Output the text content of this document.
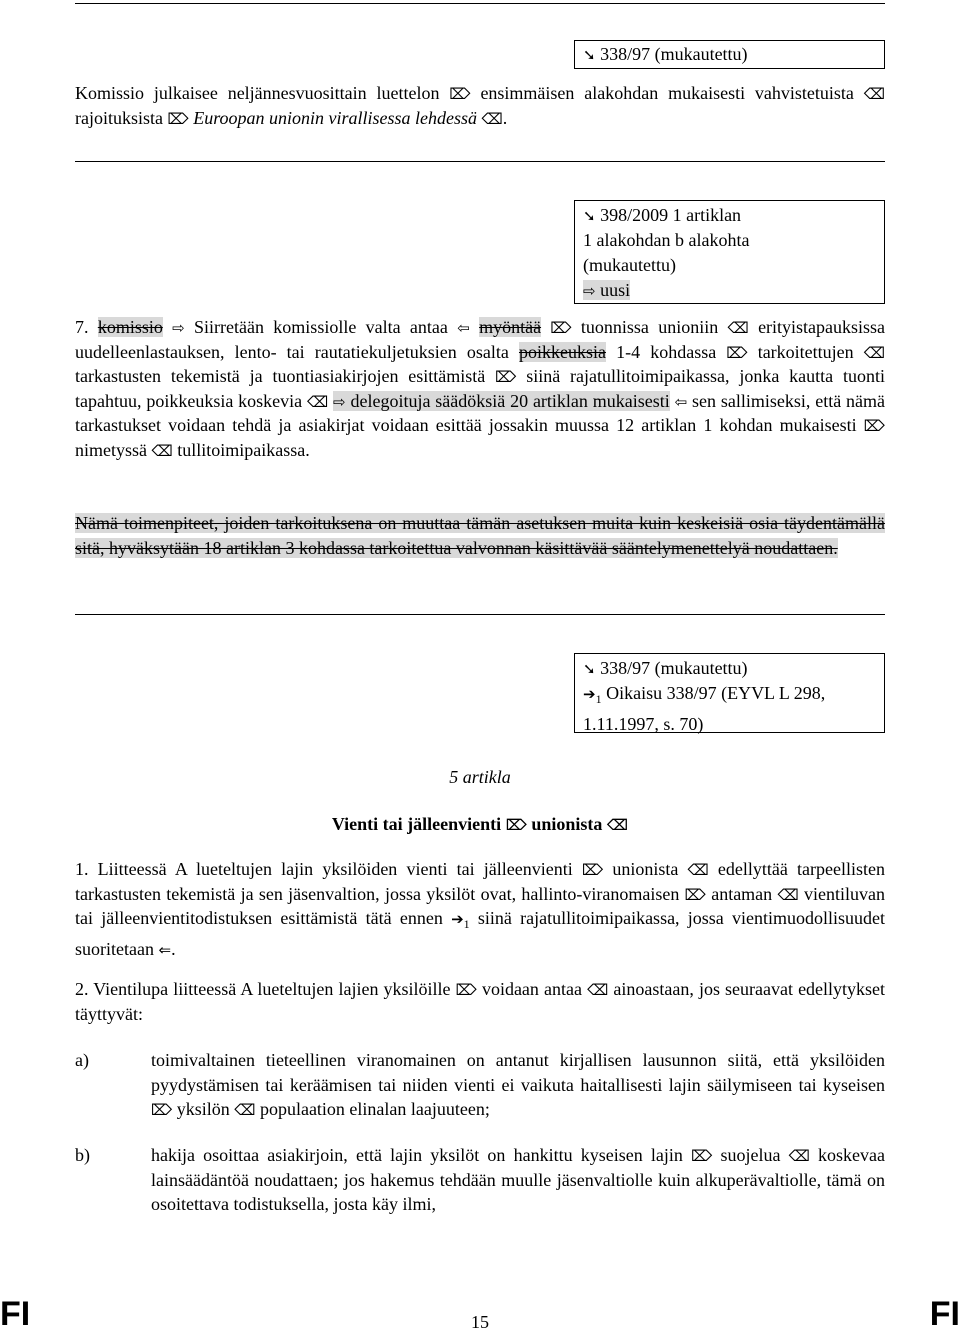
➘ 338/97 (mukautettu)
Komissio julkaisee neljännesvuosittain luettelon ⌦ ensimmäisen alakohdan mukaisesti vahvistetuista ⌫ rajoituksista ⌦ Euroopan unionin virallisessa lehdessä ⌫.
➘ 398/2009 1 artiklan
1 alakohdan b alakohta
(mukautettu)
⇨ uusi
7. komissio ⇨ Siirretään komissiolle valta antaa ⇦ myöntää ⌦ tuonnissa unioniin ⌫ erityistapauksissa uudelleenlastauksen, lento- tai rautatiekuljetuksien osalta poikkeuksia 1-4 kohdassa ⌦ tarkoitettujen ⌫ tarkastusten tekemistä ja tuontiasiakirjojen esittämistä ⌦ siinä rajatullitoimipaikassa, jonka kautta tuonti tapahtuu, poikkeuksia koskevia ⌫ ⇨ delegoituja säädöksiä 20 artiklan mukaisesti ⇦ sen sallimiseksi, että nämä tarkastukset voidaan tehdä ja asiakirjat voidaan esittää jossakin muussa 12 artiklan 1 kohdan mukaisesti ⌦ nimetyssä ⌫ tullitoimipaikassa.
Nämä toimenpiteet, joiden tarkoituksena on muuttaa tämän asetuksen muita kuin keskeisiä osia täydentämällä sitä, hyväksytään 18 artiklan 3 kohdassa tarkoitettua valvonnan käsittävää sääntelymenettelyä noudattaen.
➘ 338/97 (mukautettu)
$➔_1$ Oikaisu 338/97 (EYVL L 298,
1.11.1997, s. 70)
5 artikla
Vienti tai jälleenvienti ⌦ unionista ⌫
1. Liitteessä A lueteltujen lajin yksilöiden vienti tai jälleenvienti ⌦ unionista ⌫ edellyttää tarpeellisten tarkastusten tekemistä ja sen jäsenvaltion, jossa yksilöt ovat, hallinto-viranomaisen ⌦ antaman ⌫ vientiluvan tai jälleenvientitodistuksen esittämistä tätä ennen $➔_1$ siinä rajatullitoimipaikassa, jossa vientimuodollisuudet suoritetaan ⇐.
2. Vientilupa liitteessä A lueteltujen lajien yksilöille ⌦ voidaan antaa ⌫ ainoastaan, jos seuraavat edellytykset täyttyvät:
a)	toimivaltainen tieteellinen viranomainen on antanut kirjallisen lausunnon siitä, että yksilöiden pyydystämisen tai keräämisen tai niiden vienti ei vaikuta haitallisesti lajin säilymiseen tai kyseisen ⌦ yksilön ⌫ populaation elinalan laajuuteen;
b)	hakija osoittaa asiakirjoin, että lajin yksilöt on hankittu kyseisen lajin ⌦ suojelua ⌫ koskevaa lainsäädäntöä noudattaen; jos hakemus tehdään muulle jäsenvaltiolle kuin alkuperävaltiolle, tämä on osoitettava todistuksella, josta käy ilmi,
FI	15	FI
